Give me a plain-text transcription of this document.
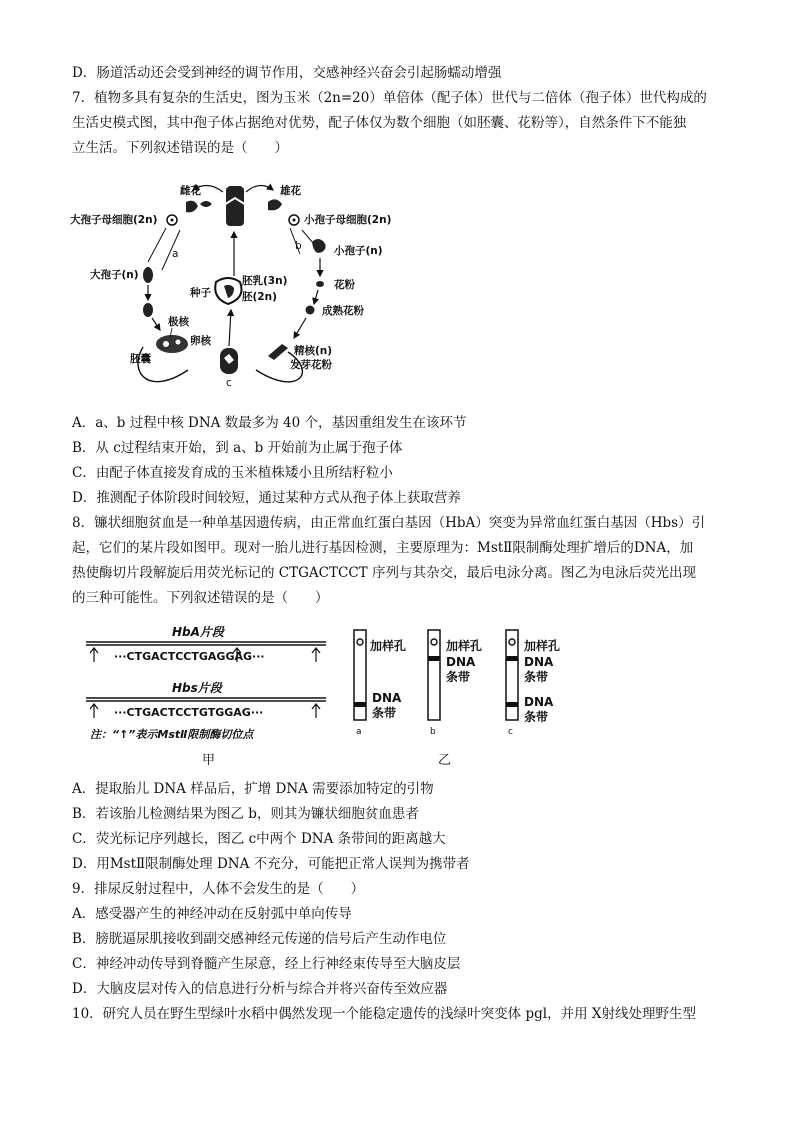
D．肠道活动还会受到神经的调节作用，交感神经兴奋会引起肠蠕动增强
7．植物多具有复杂的生活史，图为玉米（2n=20）单倍体（配子体）世代与二倍体（孢子体）世代构成的
生活史模式图，其中孢子体占据绝对优势，配子体仅为数个细胞（如胚囊、花粉等），自然条件下不能独
立生活。下列叙述错误的是（　　）
雌花	雄花
大孢子母细胞(2n)	小孢子母细胞(2n)
a
b
大孢子(n)
小孢子(n)
花粉
成熟花粉
精核(n)
发芽花粉
极核
卵核
胚囊
种子
胚乳(3n)
胚(2n)
c
A．a、b 过程中核 DNA 数最多为 40 个，基因重组发生在该环节
B．从 c过程结束开始，到 a、b 开始前为止属于孢子体
C．由配子体直接发育成的玉米植株矮小且所结籽粒小
D．推测配子体阶段时间较短，通过某种方式从孢子体上获取营养
8．镰状细胞贫血是一种单基因遗传病，由正常血红蛋白基因（HbA）突变为异常血红蛋白基因（Hbs）引
起，它们的某片段如图甲。现对一胎儿进行基因检测，主要原理为：MstⅡ限制酶处理扩增后的DNA，加
热使酶切片段解旋后用荧光标记的 CTGACTCCT 序列与其杂交，最后电泳分离。图乙为电泳后荧光出现
的三种可能性。下列叙述错误的是（　　）
HbA片段
···CTGACTCCTGAGGAG···
Hbs片段
···CTGACTCCTGTGGAG···
注：“↑”表示MstⅡ限制酶切位点
甲
加样孔
DNA
条带
a
加样孔
DNA
条带
b
加样孔
DNA
条带
DNA
条带
c
乙
A．提取胎儿 DNA 样品后，扩增 DNA 需要添加特定的引物
B．若该胎儿检测结果为图乙 b，则其为镰状细胞贫血患者
C．荧光标记序列越长，图乙 c中两个 DNA 条带间的距离越大
D．用MstⅡ限制酶处理 DNA 不充分，可能把正常人误判为携带者
9．排尿反射过程中，人体不会发生的是（　　）
A．感受器产生的神经冲动在反射弧中单向传导
B．膀胱逼尿肌接收到副交感神经元传递的信号后产生动作电位
C．神经冲动传导到脊髓产生尿意，经上行神经束传导至大脑皮层
D．大脑皮层对传入的信息进行分析与综合并将兴奋传至效应器
10．研究人员在野生型绿叶水稻中偶然发现一个能稳定遗传的浅绿叶突变体 pgl，并用 X射线处理野生型
